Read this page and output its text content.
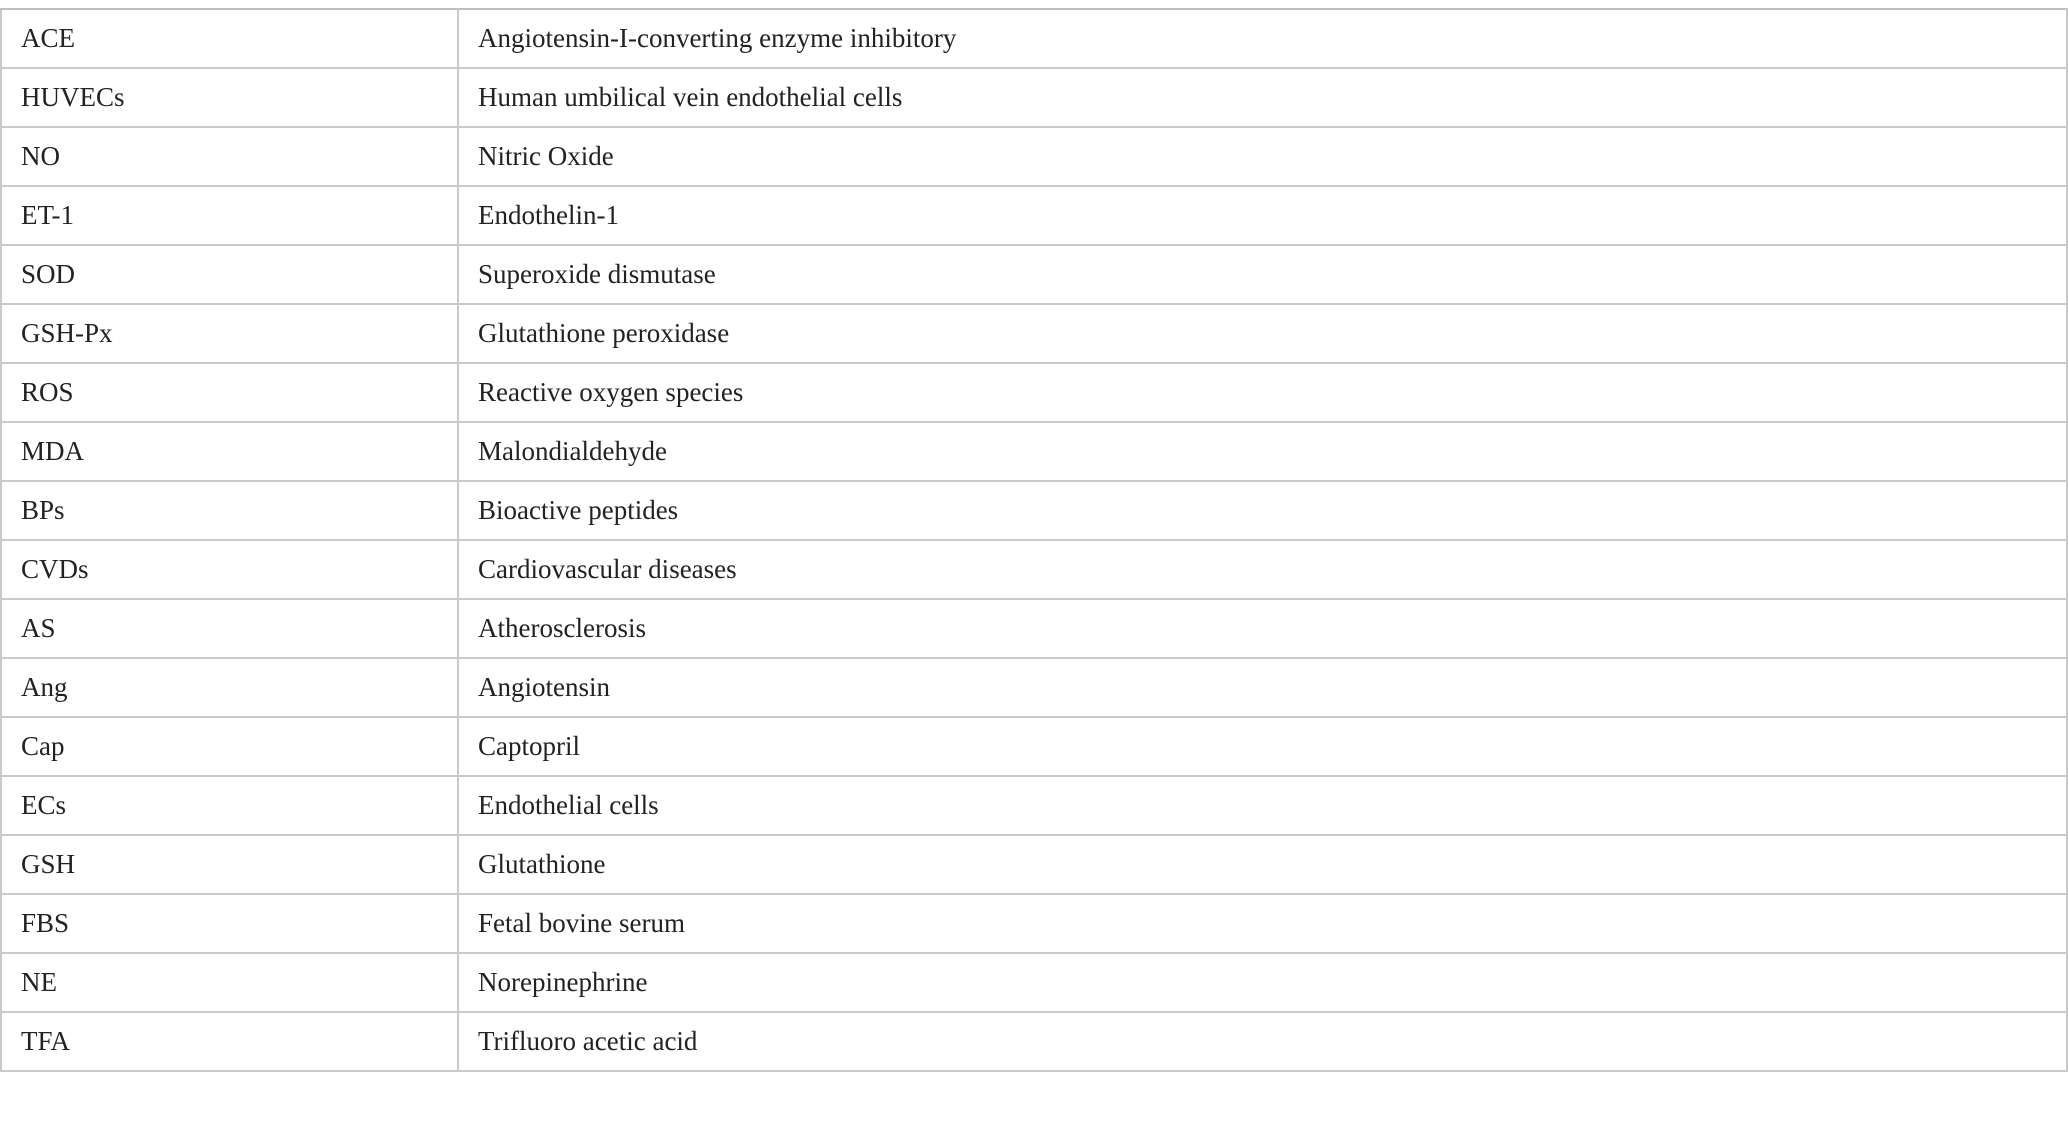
ACE	Angiotensin-I-converting enzyme inhibitory
HUVECs	Human umbilical vein endothelial cells
NO	Nitric Oxide
ET-1	Endothelin-1
SOD	Superoxide dismutase
GSH-Px	Glutathione peroxidase
ROS	Reactive oxygen species
MDA	Malondialdehyde
BPs	Bioactive peptides
CVDs	Cardiovascular diseases
AS	Atherosclerosis
Ang	Angiotensin
Cap	Captopril
ECs	Endothelial cells
GSH	Glutathione
FBS	Fetal bovine serum
NE	Norepinephrine
TFA	Trifluoro acetic acid
